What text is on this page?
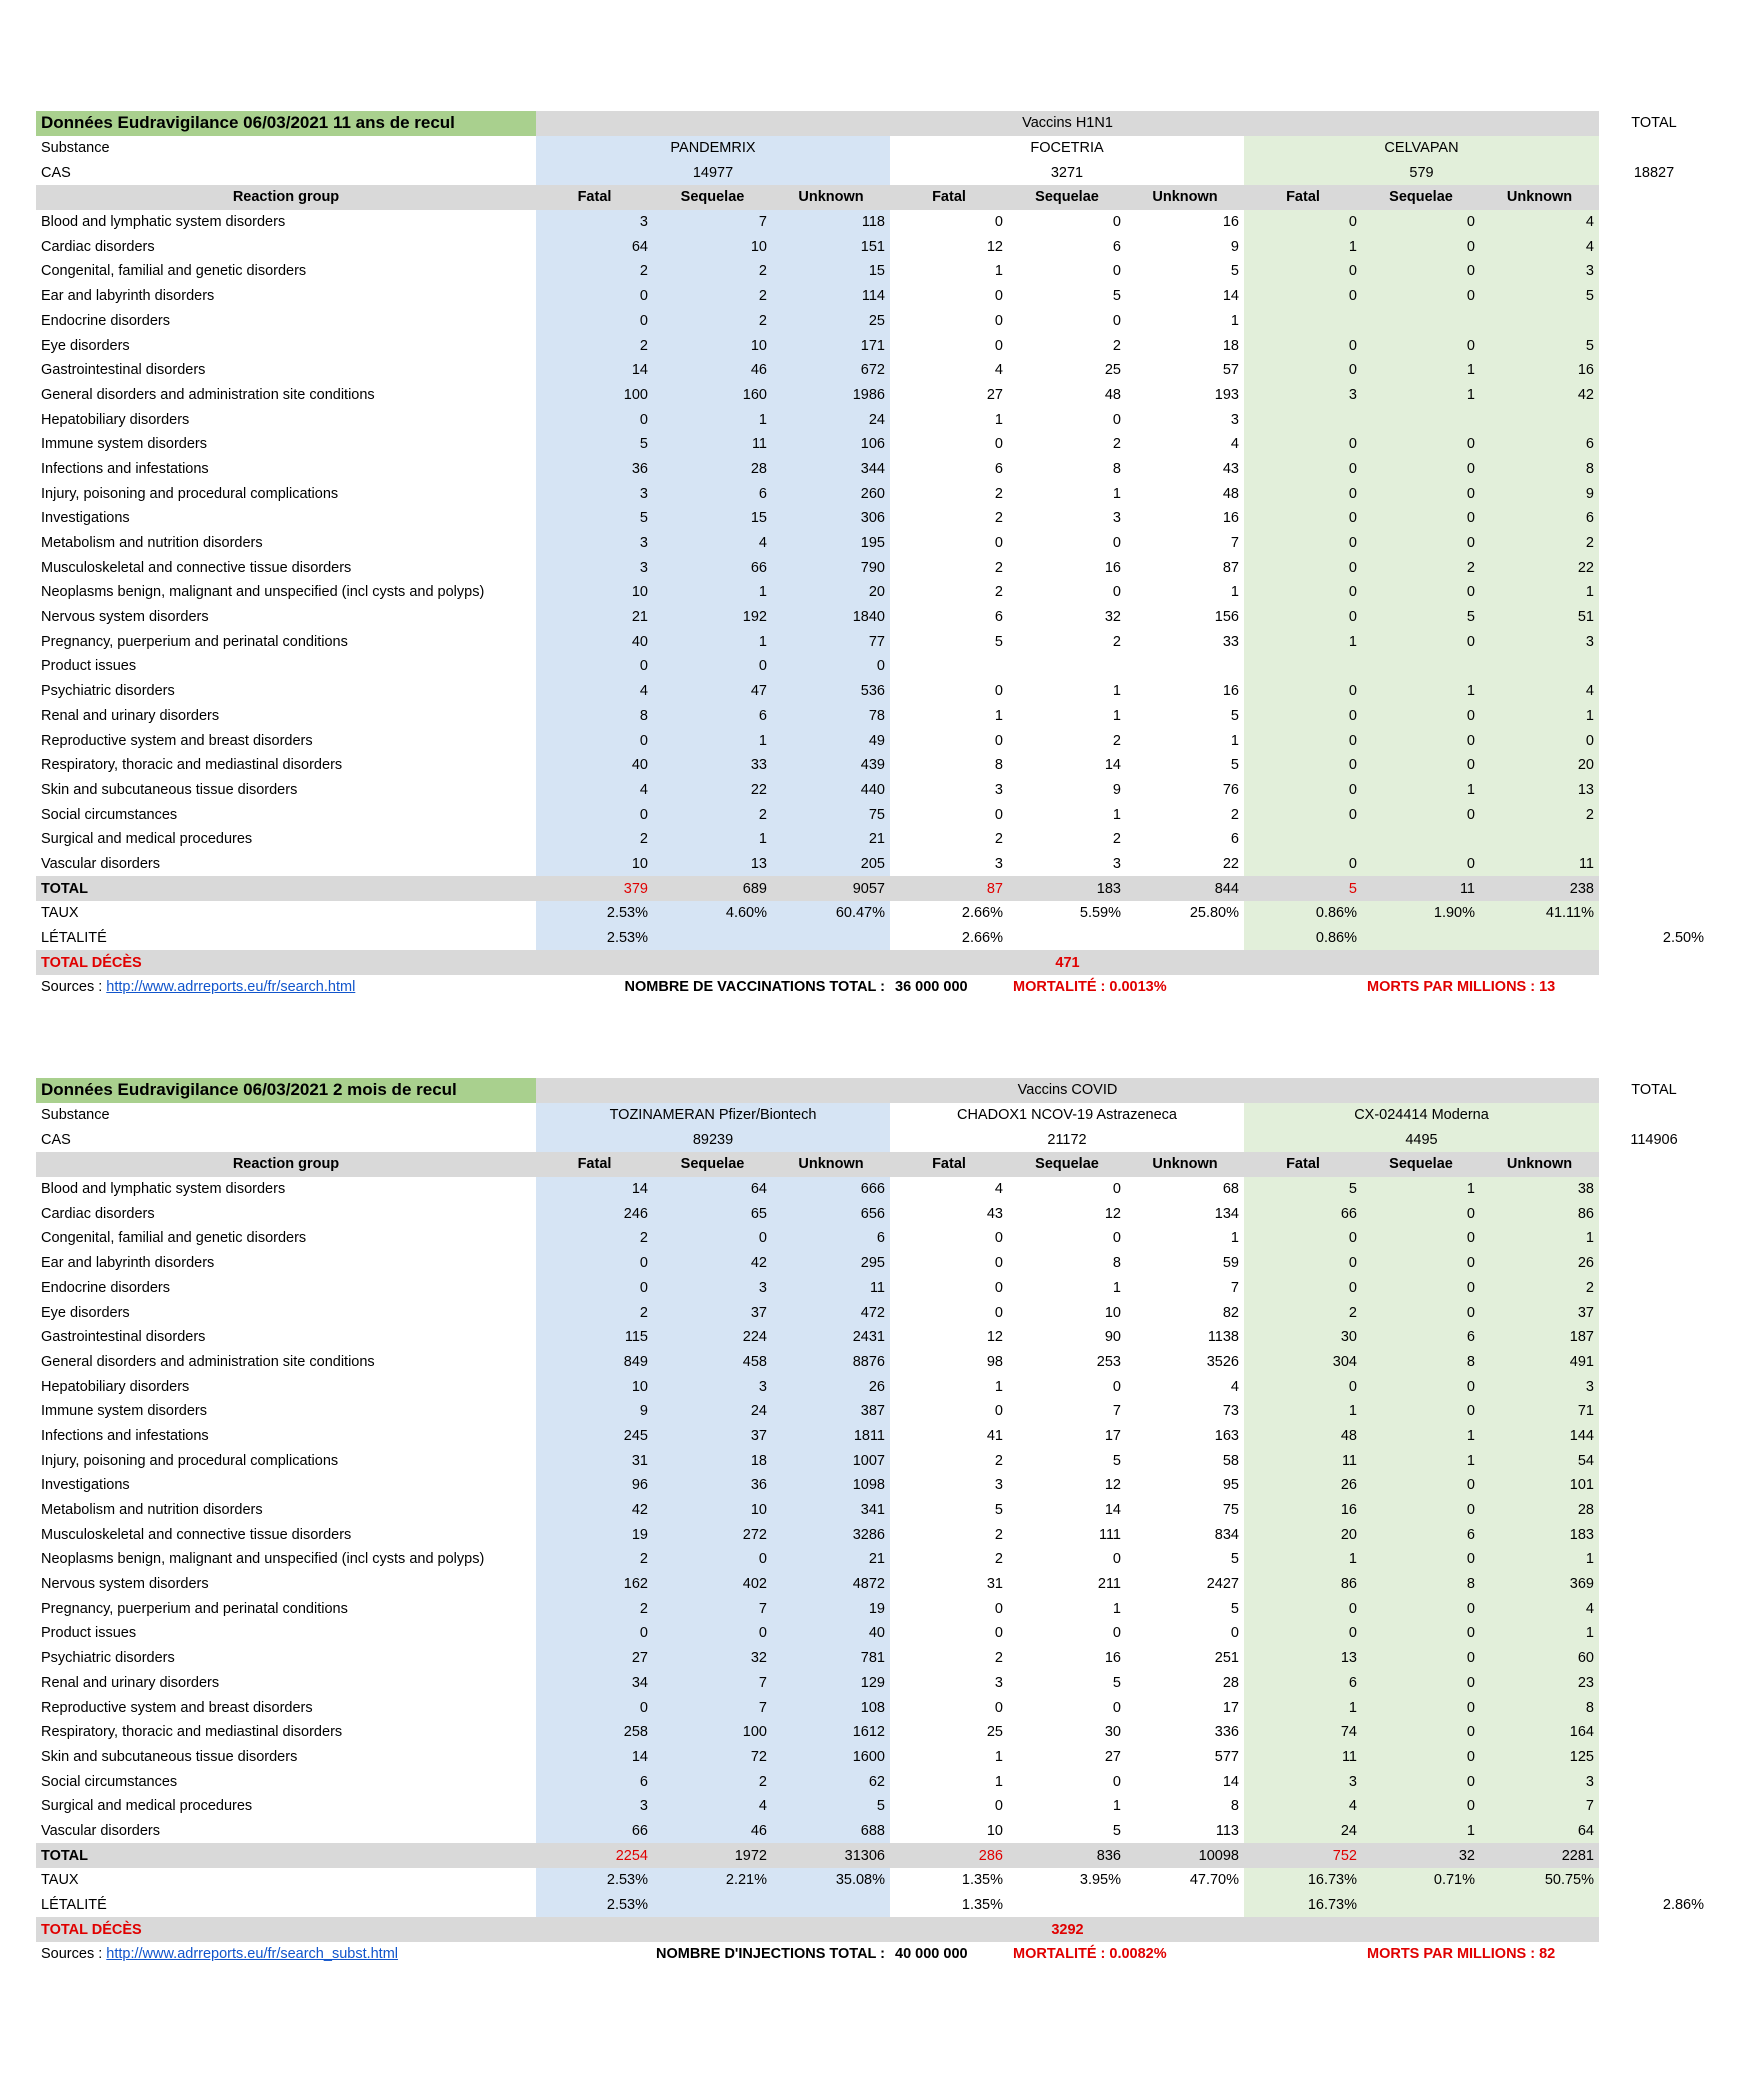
Données Eudravigilance 06/03/2021 11 ans de recul	Vaccins H1N1									TOTAL
Substance	PANDEMRIX			FOCETRIA			CELVAPAN			
CAS	14977			3271			579			18827
Reaction group	Fatal	Sequelae	Unknown	Fatal	Sequelae	Unknown	Fatal	Sequelae	Unknown	
Blood and lymphatic system disorders	3	7	118	0	0	16	0	0	4	
Cardiac disorders	64	10	151	12	6	9	1	0	4	
Congenital, familial and genetic disorders	2	2	15	1	0	5	0	0	3	
Ear and labyrinth disorders	0	2	114	0	5	14	0	0	5	
Endocrine disorders	0	2	25	0	0	1				
Eye disorders	2	10	171	0	2	18	0	0	5	
Gastrointestinal disorders	14	46	672	4	25	57	0	1	16	
General disorders and administration site conditions	100	160	1986	27	48	193	3	1	42	
Hepatobiliary disorders	0	1	24	1	0	3				
Immune system disorders	5	11	106	0	2	4	0	0	6	
Infections and infestations	36	28	344	6	8	43	0	0	8	
Injury, poisoning and procedural complications	3	6	260	2	1	48	0	0	9	
Investigations	5	15	306	2	3	16	0	0	6	
Metabolism and nutrition disorders	3	4	195	0	0	7	0	0	2	
Musculoskeletal and connective tissue disorders	3	66	790	2	16	87	0	2	22	
Neoplasms benign, malignant and unspecified (incl cysts and polyps)	10	1	20	2	0	1	0	0	1	
Nervous system disorders	21	192	1840	6	32	156	0	5	51	
Pregnancy, puerperium and perinatal conditions	40	1	77	5	2	33	1	0	3	
Product issues	0	0	0							
Psychiatric disorders	4	47	536	0	1	16	0	1	4	
Renal and urinary disorders	8	6	78	1	1	5	0	0	1	
Reproductive system and breast disorders	0	1	49	0	2	1	0	0	0	
Respiratory, thoracic and mediastinal disorders	40	33	439	8	14	5	0	0	20	
Skin and subcutaneous tissue disorders	4	22	440	3	9	76	0	1	13	
Social circumstances	0	2	75	0	1	2	0	0	2	
Surgical and medical procedures	2	1	21	2	2	6				
Vascular disorders	10	13	205	3	3	22	0	0	11	
TOTAL	379	689	9057	87	183	844	5	11	238	
TAUX	2.53%	4.60%	60.47%	2.66%	5.59%	25.80%	0.86%	1.90%	41.11%	
LÉTALITÉ	2.53%			2.66%			0.86%			2.50%
TOTAL DÉCÈS	471									
Sources : http://www.adrreports.eu/fr/search.html	NOMBRE DE VACCINATIONS TOTAL :			36 000 000	MORTALITÉ : 0.0013%			MORTS PAR MILLIONS : 13		
Données Eudravigilance 06/03/2021 2 mois de recul	Vaccins COVID									TOTAL
Substance	TOZINAMERAN Pfizer/Biontech			CHADOX1 NCOV-19 Astrazeneca			CX-024414 Moderna			
CAS	89239			21172			4495			114906
Reaction group	Fatal	Sequelae	Unknown	Fatal	Sequelae	Unknown	Fatal	Sequelae	Unknown	
Blood and lymphatic system disorders	14	64	666	4	0	68	5	1	38	
Cardiac disorders	246	65	656	43	12	134	66	0	86	
Congenital, familial and genetic disorders	2	0	6	0	0	1	0	0	1	
Ear and labyrinth disorders	0	42	295	0	8	59	0	0	26	
Endocrine disorders	0	3	11	0	1	7	0	0	2	
Eye disorders	2	37	472	0	10	82	2	0	37	
Gastrointestinal disorders	115	224	2431	12	90	1138	30	6	187	
General disorders and administration site conditions	849	458	8876	98	253	3526	304	8	491	
Hepatobiliary disorders	10	3	26	1	0	4	0	0	3	
Immune system disorders	9	24	387	0	7	73	1	0	71	
Infections and infestations	245	37	1811	41	17	163	48	1	144	
Injury, poisoning and procedural complications	31	18	1007	2	5	58	11	1	54	
Investigations	96	36	1098	3	12	95	26	0	101	
Metabolism and nutrition disorders	42	10	341	5	14	75	16	0	28	
Musculoskeletal and connective tissue disorders	19	272	3286	2	111	834	20	6	183	
Neoplasms benign, malignant and unspecified (incl cysts and polyps)	2	0	21	2	0	5	1	0	1	
Nervous system disorders	162	402	4872	31	211	2427	86	8	369	
Pregnancy, puerperium and perinatal conditions	2	7	19	0	1	5	0	0	4	
Product issues	0	0	40	0	0	0	0	0	1	
Psychiatric disorders	27	32	781	2	16	251	13	0	60	
Renal and urinary disorders	34	7	129	3	5	28	6	0	23	
Reproductive system and breast disorders	0	7	108	0	0	17	1	0	8	
Respiratory, thoracic and mediastinal disorders	258	100	1612	25	30	336	74	0	164	
Skin and subcutaneous tissue disorders	14	72	1600	1	27	577	11	0	125	
Social circumstances	6	2	62	1	0	14	3	0	3	
Surgical and medical procedures	3	4	5	0	1	8	4	0	7	
Vascular disorders	66	46	688	10	5	113	24	1	64	
TOTAL	2254	1972	31306	286	836	10098	752	32	2281	
TAUX	2.53%	2.21%	35.08%	1.35%	3.95%	47.70%	16.73%	0.71%	50.75%	
LÉTALITÉ	2.53%			1.35%			16.73%			2.86%
TOTAL DÉCÈS	3292									
Sources : http://www.adrreports.eu/fr/search_subst.html	NOMBRE D'INJECTIONS TOTAL :			40 000 000	MORTALITÉ : 0.0082%			MORTS PAR MILLIONS : 82		
